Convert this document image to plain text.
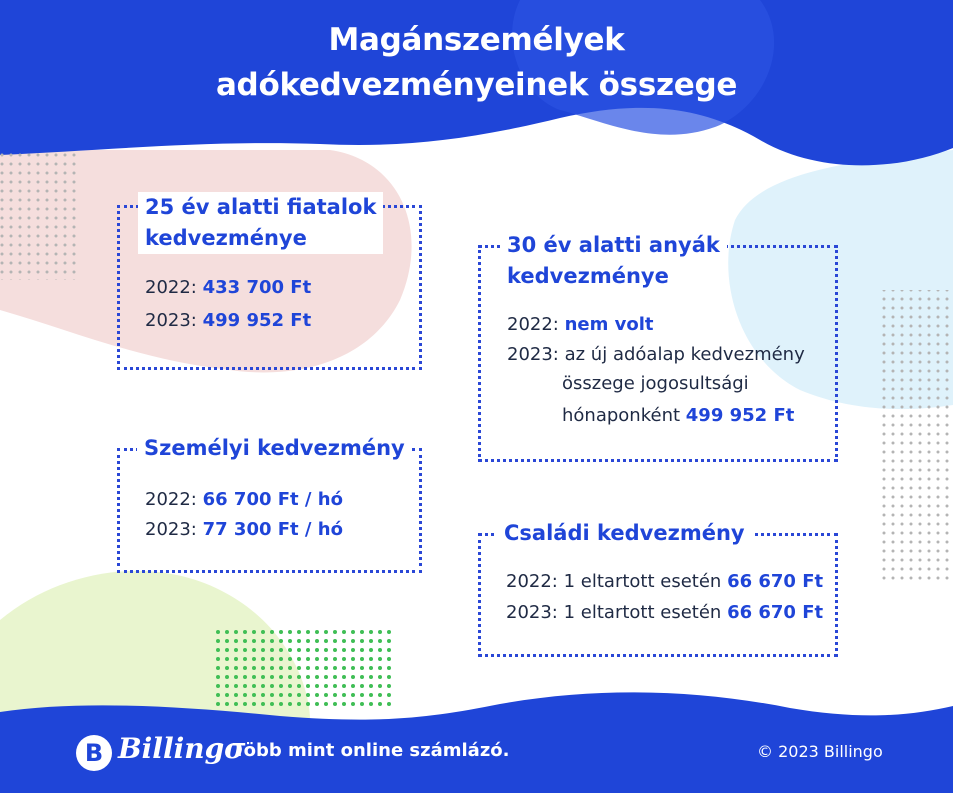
Magánszemélyek
adókedvezményeinek összege
25 év alatti fiatalok
kedvezménye
2022: 433 700 Ft
2023: 499 952 Ft
Személyi kedvezmény
2022: 66 700 Ft / hó
2023: 77 300 Ft / hó
30 év alatti anyák
kedvezménye
2022: nem volt
2023: az új adóalap kedvezmény
összege jogosultsági
hónaponként 499 952 Ft
Családi kedvezmény
2022: 1 eltartott esetén 66 670 Ft
2023: 1 eltartott esetén 66 670 Ft
B Billingo
Több mint online számlázó.	© 2023 Billingo
